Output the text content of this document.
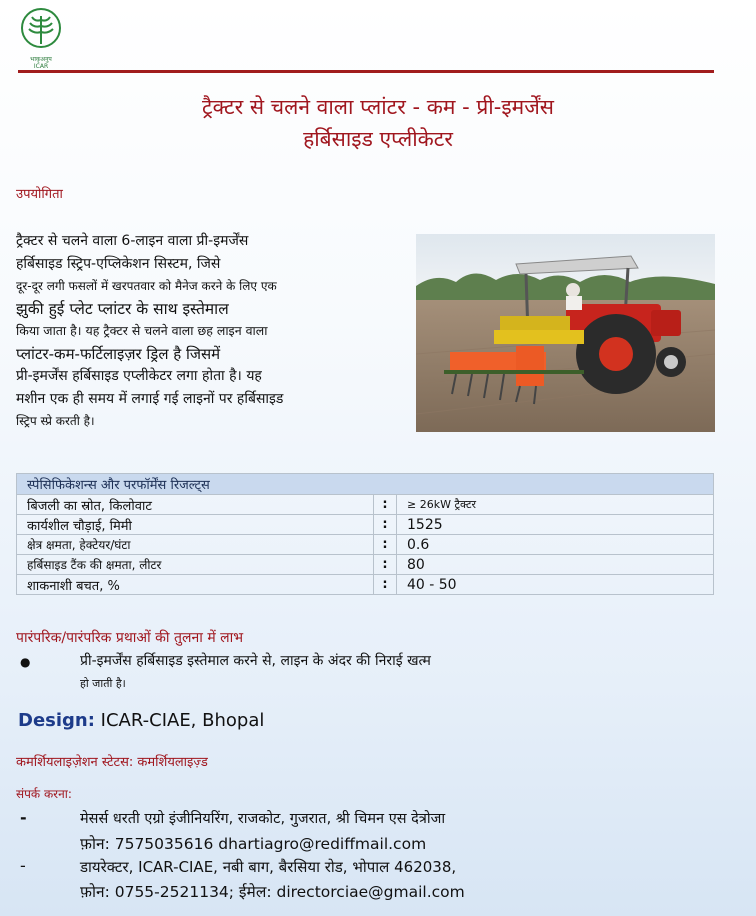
भाकृअनुप
ICAR
ट्रैक्टर से चलने वाला प्लांटर - कम - प्री-इमर्जेंस
हर्बिसाइड एप्लीकेटर
उपयोगिता

ट्रैक्टर से चलने वाला 6-लाइन वाला प्री-इमर्जेंस

हर्बिसाइड स्ट्रिप-एप्लिकेशन सिस्टम, जिसे

दूर-दूर लगी फसलों में खरपतवार को मैनेज करने के लिए एक

झुकी हुई प्लेट प्लांटर के साथ इस्तेमाल

किया जाता है। यह ट्रैक्टर से चलने वाला छह लाइन वाला

प्लांटर-कम-फर्टिलाइज़र ड्रिल है जिसमें

प्री-इमर्जेंस हर्बिसाइड एप्लीकेटर लगा होता है। यह

मशीन एक ही समय में लगाई गई लाइनों पर हर्बिसाइड

स्ट्रिप स्प्रे करती है।

स्पेसिफिकेशन्स और परफॉर्मेंस रिजल्ट्स		
बिजली का स्रोत, किलोवाट	:	≥ 26kW ट्रैक्टर
कार्यशील चौड़ाई, मिमी	:	1525
क्षेत्र क्षमता, हेक्टेयर/घंटा	:	0.6
हर्बिसाइड टैंक की क्षमता, लीटर	:	80
शाकनाशी बचत, %	:	40 - 50
पारंपरिक/पारंपरिक प्रथाओं की तुलना में लाभ
●	प्री-इमर्जेंस हर्बिसाइड इस्तेमाल करने से, लाइन के अंदर की निराई खत्म
हो जाती है।
Design: ICAR-CIAE, Bhopal
कमर्शियलाइज़ेशन स्टेटस: कमर्शियलाइज़्ड
संपर्क करना:
-	मेसर्स धरती एग्रो इंजीनियरिंग, राजकोट, गुजरात, श्री चिमन एस देत्रोजा
फ़ोन: 7575035616 dhartiagro@rediffmail.com
-	डायरेक्टर, ICAR-CIAE, नबी बाग, बैरसिया रोड, भोपाल 462038,
फ़ोन: 0755-2521134; ईमेल: directorciae@gmail.com
